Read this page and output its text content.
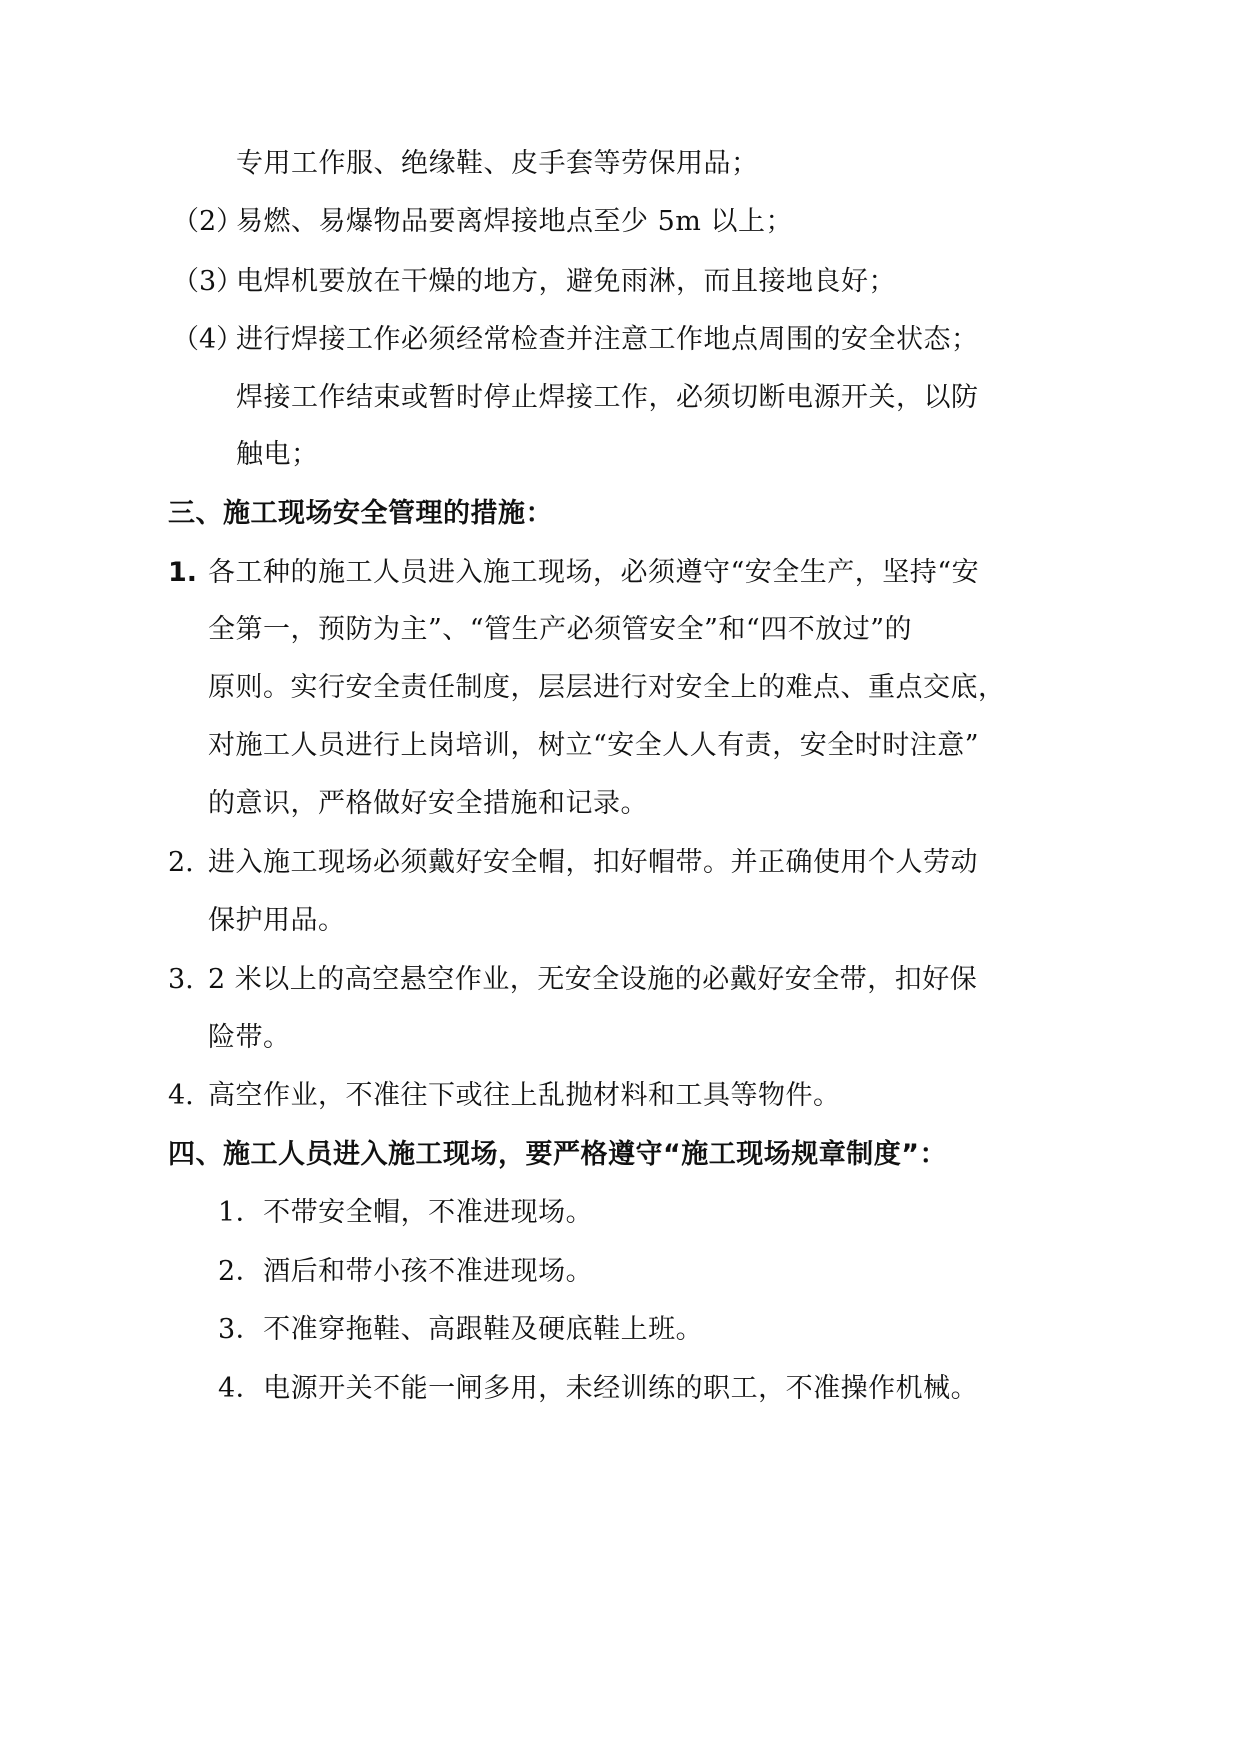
专用工作服、绝缘鞋、皮手套等劳保用品；
（2）
易燃、易爆物品要离焊接地点至少 5m 以上；
（3）
电焊机要放在干燥的地方，避免雨淋，而且接地良好；
（4）
进行焊接工作必须经常检查并注意工作地点周围的安全状态；
焊接工作结束或暂时停止焊接工作，必须切断电源开关，以防
触电；
三、施工现场安全管理的措施：
1. 各工种的施工人员进入施工现场，必须遵守“安全生产，坚持“安
全第一，预防为主”、“管生产必须管安全”和“四不放过”的
原则。实行安全责任制度，层层进行对安全上的难点、重点交底，
对施工人员进行上岗培训，树立“安全人人有责，安全时时注意”
的意识，严格做好安全措施和记录。
2. 进入施工现场必须戴好安全帽，扣好帽带。并正确使用个人劳动
保护用品。
3. 2 米以上的高空悬空作业，无安全设施的必戴好安全带，扣好保
险带。
4. 高空作业，不准往下或往上乱抛材料和工具等物件。
四、施工人员进入施工现场，要严格遵守“施工现场规章制度”：
1．不带安全帽，不准进现场。
2．酒后和带小孩不准进现场。
3．不准穿拖鞋、高跟鞋及硬底鞋上班。
4．电源开关不能一闸多用，未经训练的职工，不准操作机械。
